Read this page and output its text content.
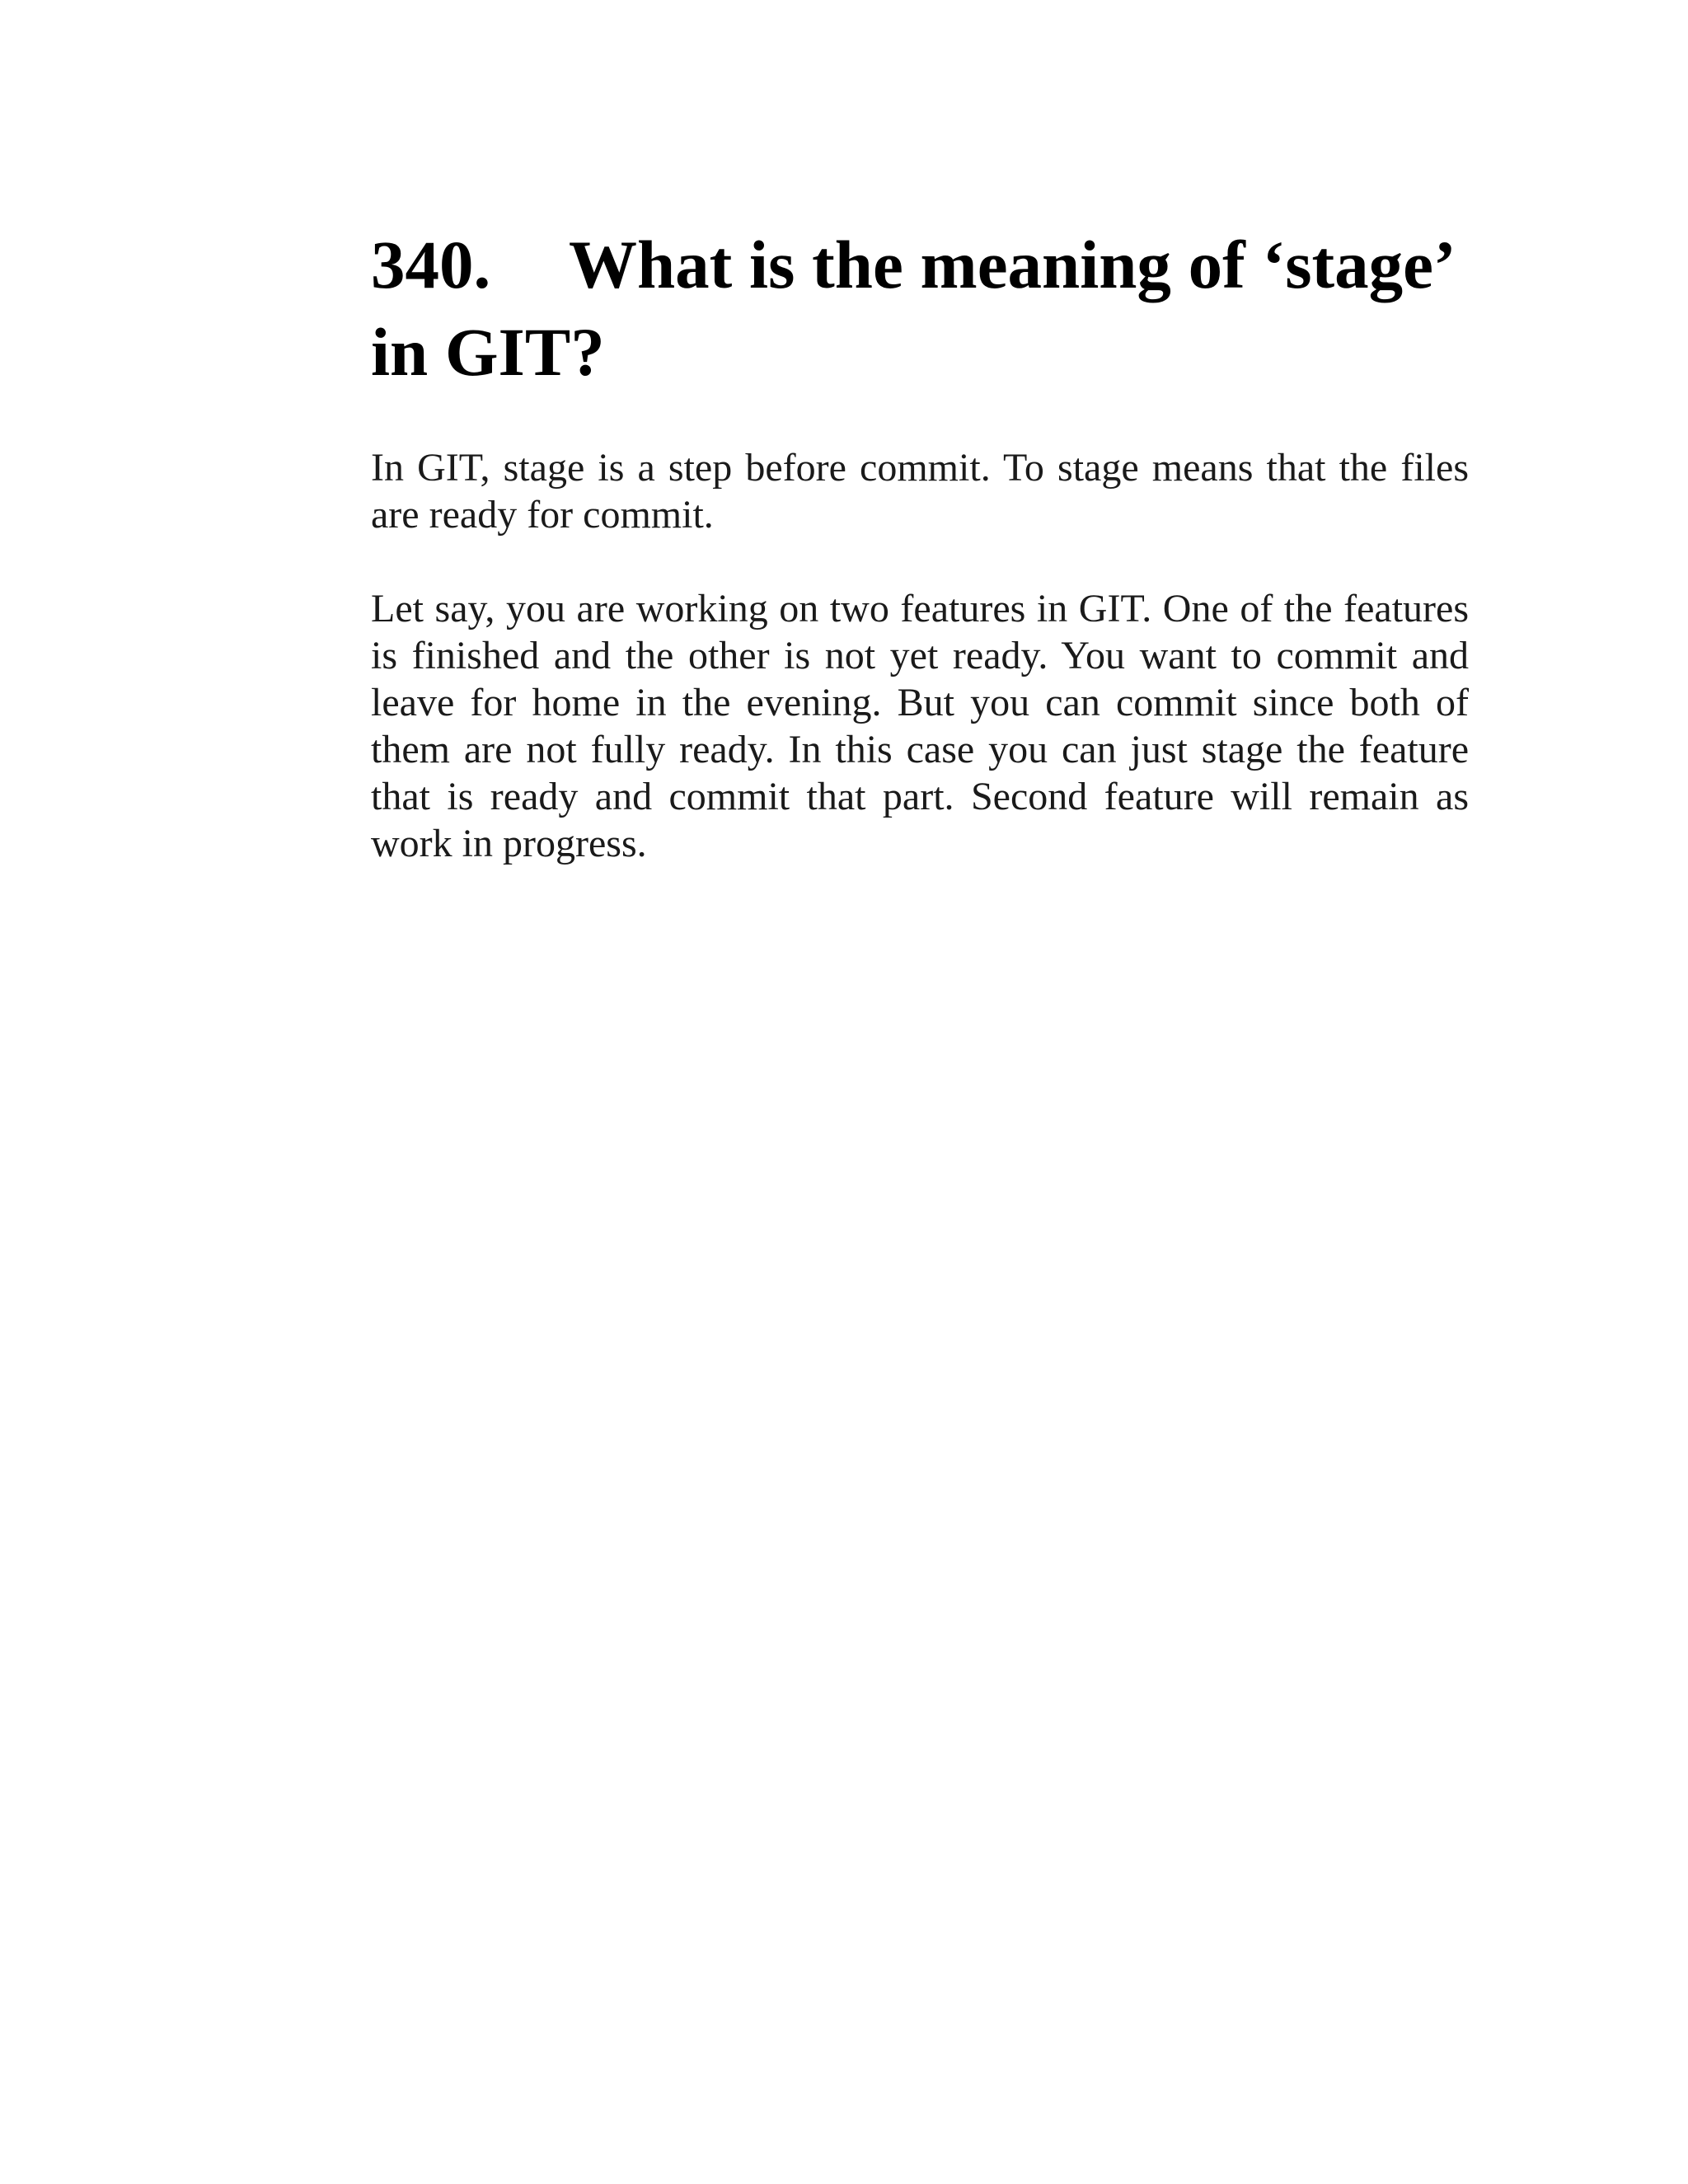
340. What is the meaning of ‘stage’ in GIT?

In GIT, stage is a step before commit. To stage means that the files are ready for commit.

Let say, you are working on two features in GIT. One of the features is finished and the other is not yet ready. You want to commit and leave for home in the evening. But you can commit since both of them are not fully ready. In this case you can just stage the feature that is ready and commit that part. Second feature will remain as work in progress.
